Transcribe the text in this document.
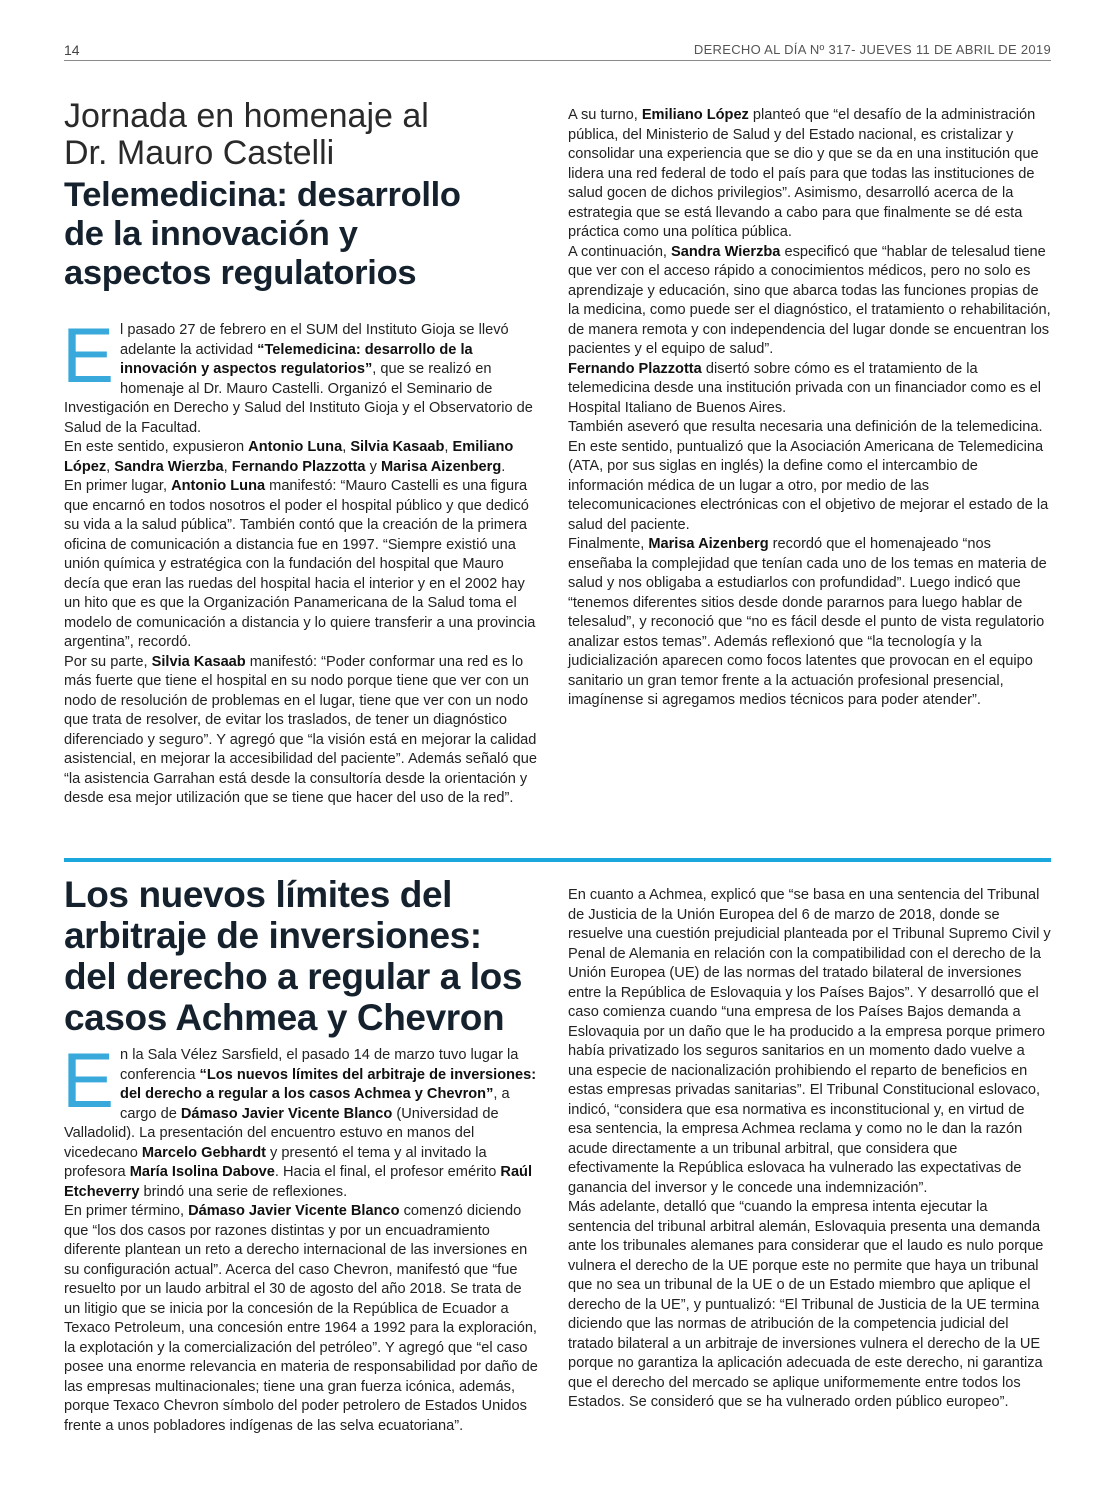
14	DERECHO AL DÍA Nº 317- JUEVES 11 DE ABRIL DE 2019

Jornada en homenaje al

Dr. Mauro Castelli

Telemedicina: desarrollo

de la innovación y

aspectos regulatorios

El pasado 27 de febrero en el SUM del Instituto Gioja se llevó adelante la actividad “Telemedicina: desarrollo de la innovación y aspectos regulatorios”, que se realizó en homenaje al Dr. Mauro Castelli. Organizó el Seminario de Investigación en Derecho y Salud del Instituto Gioja y el Observatorio de Salud de la Facultad.

En este sentido, expusieron Antonio Luna, Silvia Kasaab, Emiliano López, Sandra Wierzba, Fernando Plazzotta y Marisa Aizenberg.

En primer lugar, Antonio Luna manifestó: “Mauro Castelli es una figura que encarnó en todos nosotros el poder el hospital público y que dedicó su vida a la salud pública”. También contó que la creación de la primera oficina de comunicación a distancia fue en 1997. “Siempre existió una unión química y estratégica con la fundación del hospital que Mauro decía que eran las ruedas del hospital hacia el interior y en el 2002 hay un hito que es que la Organización Panamericana de la Salud toma el modelo de comunicación a distancia y lo quiere transferir a una provincia argentina”, recordó.

Por su parte, Silvia Kasaab manifestó: “Poder conformar una red es lo más fuerte que tiene el hospital en su nodo porque tiene que ver con un nodo de resolución de problemas en el lugar, tiene que ver con un nodo que trata de resolver, de evitar los traslados, de tener un diagnóstico diferenciado y seguro”. Y agregó que “la visión está en mejorar la calidad asistencial, en mejorar la accesibilidad del paciente”. Además señaló que “la asistencia Garrahan está desde la consultoría desde la orientación y desde esa mejor utilización que se tiene que hacer del uso de la red”.

A su turno, Emiliano López planteó que “el desafío de la administración pública, del Ministerio de Salud y del Estado nacional, es cristalizar y consolidar una experiencia que se dio y que se da en una institución que lidera una red federal de todo el país para que todas las instituciones de salud gocen de dichos privilegios”. Asimismo, desarrolló acerca de la estrategia que se está llevando a cabo para que finalmente se dé esta práctica como una política pública.

A continuación, Sandra Wierzba especificó que “hablar de telesalud tiene que ver con el acceso rápido a conocimientos médicos, pero no solo es aprendizaje y educación, sino que abarca todas las funciones propias de la medicina, como puede ser el diagnóstico, el tratamiento o rehabilitación, de manera remota y con independencia del lugar donde se encuentran los pacientes y el equipo de salud”.

Fernando Plazzotta disertó sobre cómo es el tratamiento de la telemedicina desde una institución privada con un financiador como es el Hospital Italiano de Buenos Aires.

También aseveró que resulta necesaria una definición de la telemedicina. En este sentido, puntualizó que la Asociación Americana de Telemedicina (ATA, por sus siglas en inglés) la define como el intercambio de información médica de un lugar a otro, por medio de las telecomunicaciones electrónicas con el objetivo de mejorar el estado de la salud del paciente.

Finalmente, Marisa Aizenberg recordó que el homenajeado “nos enseñaba la complejidad que tenían cada uno de los temas en materia de salud y nos obligaba a estudiarlos con profundidad”. Luego indicó que “tenemos diferentes sitios desde donde pararnos para luego hablar de telesalud”, y reconoció que “no es fácil desde el punto de vista regulatorio analizar estos temas”. Además reflexionó que “la tecnología y la judicialización aparecen como focos latentes que provocan en el equipo sanitario un gran temor frente a la actuación profesional presencial, imagínense si agregamos medios técnicos para poder atender”.

Los nuevos límites del

arbitraje de inversiones:

del derecho a regular a los

casos Achmea y Chevron

En la Sala Vélez Sarsfield, el pasado 14 de marzo tuvo lugar la conferencia “Los nuevos límites del arbitraje de inversiones: del derecho a regular a los casos Achmea y Chevron”, a cargo de Dámaso Javier Vicente Blanco (Universidad de Valladolid). La presentación del encuentro estuvo en manos del vicedecano Marcelo Gebhardt y presentó el tema y al invitado la profesora María Isolina Dabove. Hacia el final, el profesor emérito Raúl Etcheverry brindó una serie de reflexiones.

En primer término, Dámaso Javier Vicente Blanco comenzó diciendo que “los dos casos por razones distintas y por un encuadramiento diferente plantean un reto a derecho internacional de las inversiones en su configuración actual”. Acerca del caso Chevron, manifestó que “fue resuelto por un laudo arbitral el 30 de agosto del año 2018. Se trata de un litigio que se inicia por la concesión de la República de Ecuador a Texaco Petroleum, una concesión entre 1964 a 1992 para la exploración, la explotación y la comercialización del petróleo”. Y agregó que “el caso posee una enorme relevancia en materia de responsabilidad por daño de las empresas multinacionales; tiene una gran fuerza icónica, además, porque Texaco Chevron símbolo del poder petrolero de Estados Unidos frente a unos pobladores indígenas de las selva ecuatoriana”.

En cuanto a Achmea, explicó que “se basa en una sentencia del Tribunal de Justicia de la Unión Europea del 6 de marzo de 2018, donde se resuelve una cuestión prejudicial planteada por el Tribunal Supremo Civil y Penal de Alemania en relación con la compatibilidad con el derecho de la Unión Europea (UE) de las normas del tratado bilateral de inversiones entre la República de Eslovaquia y los Países Bajos”. Y desarrolló que el caso comienza cuando “una empresa de los Países Bajos demanda a Eslovaquia por un daño que le ha producido a la empresa porque primero había privatizado los seguros sanitarios en un momento dado vuelve a una especie de nacionalización prohibiendo el reparto de beneficios en estas empresas privadas sanitarias”. El Tribunal Constitucional eslovaco, indicó, “considera que esa normativa es inconstitucional y, en virtud de esa sentencia, la empresa Achmea reclama y como no le dan la razón acude directamente a un tribunal arbitral, que considera que efectivamente la República eslovaca ha vulnerado las expectativas de ganancia del inversor y le concede una indemnización”.

Más adelante, detalló que “cuando la empresa intenta ejecutar la sentencia del tribunal arbitral alemán, Eslovaquia presenta una demanda ante los tribunales alemanes para considerar que el laudo es nulo porque vulnera el derecho de la UE porque este no permite que haya un tribunal que no sea un tribunal de la UE o de un Estado miembro que aplique el derecho de la UE”, y puntualizó: “El Tribunal de Justicia de la UE termina diciendo que las normas de atribución de la competencia judicial del tratado bilateral a un arbitraje de inversiones vulnera el derecho de la UE porque no garantiza la aplicación adecuada de este derecho, ni garantiza que el derecho del mercado se aplique uniformemente entre todos los Estados. Se consideró que se ha vulnerado orden público europeo”.
